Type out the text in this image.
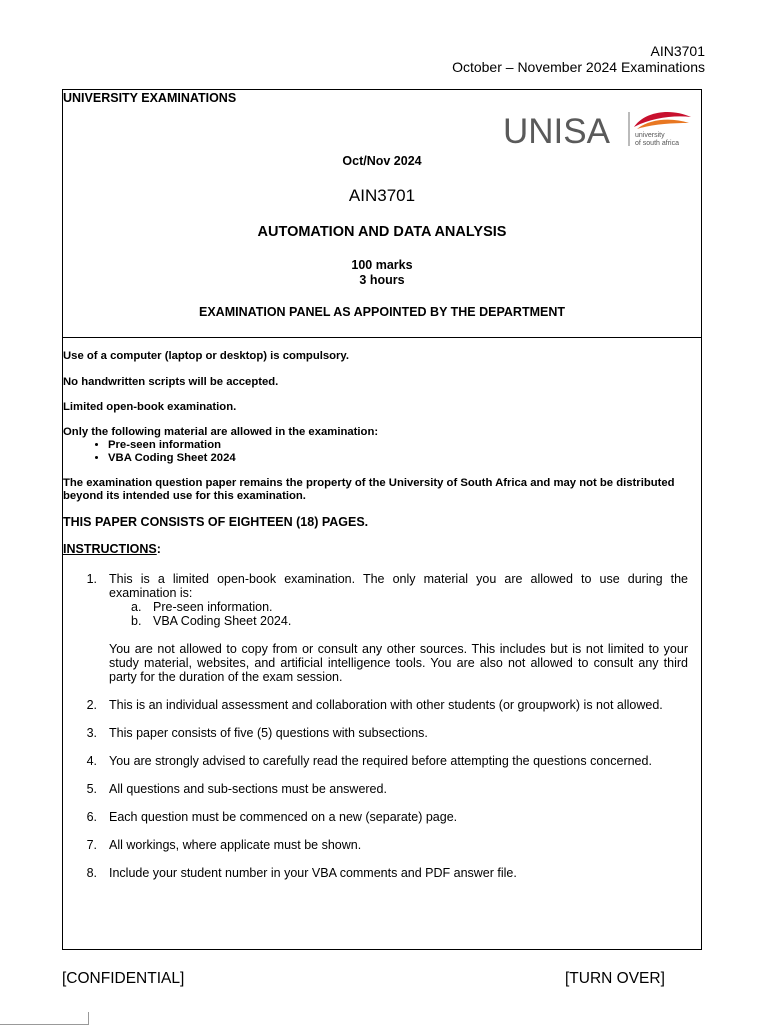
AIN3701
October – November 2024 Examinations
UNIVERSITY EXAMINATIONS
UNISA	university
of south africa
Oct/Nov 2024
AIN3701
AUTOMATION AND DATA ANALYSIS
100 marks
3 hours
EXAMINATION PANEL AS APPOINTED BY THE DEPARTMENT

Use of a computer (laptop or desktop) is compulsory.

No handwritten scripts will be accepted.

Limited open-book examination.

Only the following material are allowed in the examination:

• Pre-seen information
• VBA Coding Sheet 2024

The examination question paper remains the property of the University of South Africa and may not be distributed beyond its intended use for this examination.

THIS PAPER CONSISTS OF EIGHTEEN (18) PAGES.

INSTRUCTIONS:

1. This is a limited open-book examination. The only material you are allowed to use during the examination is:
a. Pre-seen information.
b. VBA Coding Sheet 2024.
You are not allowed to copy from or consult any other sources. This includes but is not limited to your study material, websites, and artificial intelligence tools. You are also not allowed to consult any third party for the duration of the exam session.
2. This is an individual assessment and collaboration with other students (or groupwork) is not allowed.
3. This paper consists of five (5) questions with subsections.
4. You are strongly advised to carefully read the required before attempting the questions concerned.
5. All questions and sub-sections must be answered.
6. Each question must be commenced on a new (separate) page.
7. All workings, where applicate must be shown.
8. Include your student number in your VBA comments and PDF answer file.
[CONFIDENTIAL]	[TURN OVER]
